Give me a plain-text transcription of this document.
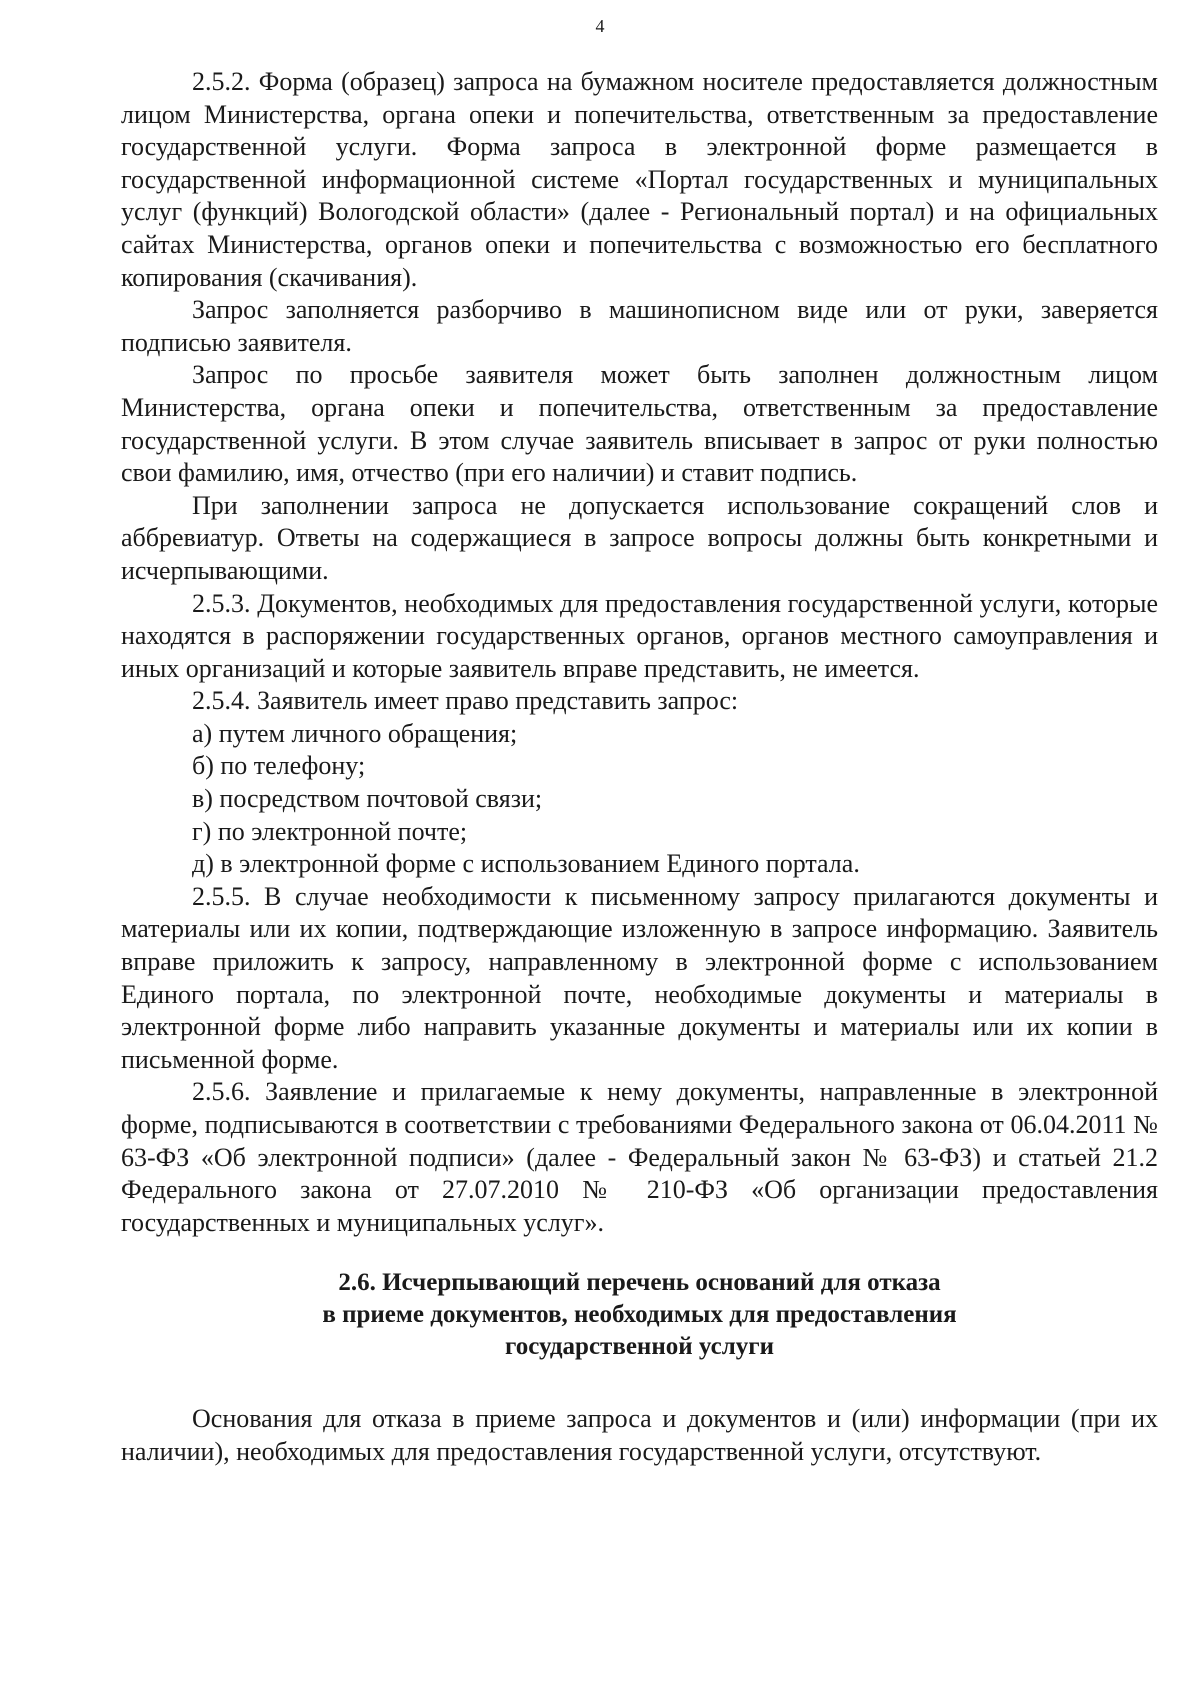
4

2.5.2. Форма (образец) запроса на бумажном носителе предоставляется должностным лицом Министерства, органа опеки и попечительства, ответственным за предоставление государственной услуги. Форма запроса в электронной форме размещается в государственной информационной системе «Портал государственных и муниципальных услуг (функций) Вологодской области» (далее - Региональный портал) и на официальных сайтах Министерства, органов опеки и попечительства с возможностью его бесплатного копирования (скачивания).

Запрос заполняется разборчиво в машинописном виде или от руки, заверяется подписью заявителя.

Запрос по просьбе заявителя может быть заполнен должностным лицом Министерства, органа опеки и попечительства, ответственным за предоставление государственной услуги. В этом случае заявитель вписывает в запрос от руки полностью свои фамилию, имя, отчество (при его наличии) и ставит подпись.

При заполнении запроса не допускается использование сокращений слов и аббревиатур. Ответы на содержащиеся в запросе вопросы должны быть конкретными и исчерпывающими.

2.5.3. Документов, необходимых для предоставления государственной услуги, которые находятся в распоряжении государственных органов, органов местного самоуправления и иных организаций и которые заявитель вправе представить, не имеется.

2.5.4. Заявитель имеет право представить запрос:

а) путем личного обращения;

б) по телефону;

в) посредством почтовой связи;

г) по электронной почте;

д) в электронной форме с использованием Единого портала.

2.5.5. В случае необходимости к письменному запросу прилагаются документы и материалы или их копии, подтверждающие изложенную в запросе информацию. Заявитель вправе приложить к запросу, направленному в электронной форме с использованием Единого портала, по электронной почте, необходимые документы и материалы в электронной форме либо направить указанные документы и материалы или их копии в письменной форме.

2.5.6. Заявление и прилагаемые к нему документы, направленные в электронной форме, подписываются в соответствии с требованиями Федерального закона от 06.04.2011 № 63-ФЗ «Об электронной подписи» (далее - Федеральный закон № 63-ФЗ) и статьей 21.2 Федерального закона от 27.07.2010 № 210-ФЗ «Об организации предоставления государственных и муниципальных услуг».

2.6. Исчерпывающий перечень оснований для отказа
в приеме документов, необходимых для предоставления
государственной услуги

Основания для отказа в приеме запроса и документов и (или) информации (при их наличии), необходимых для предоставления государственной услуги, отсутствуют.
